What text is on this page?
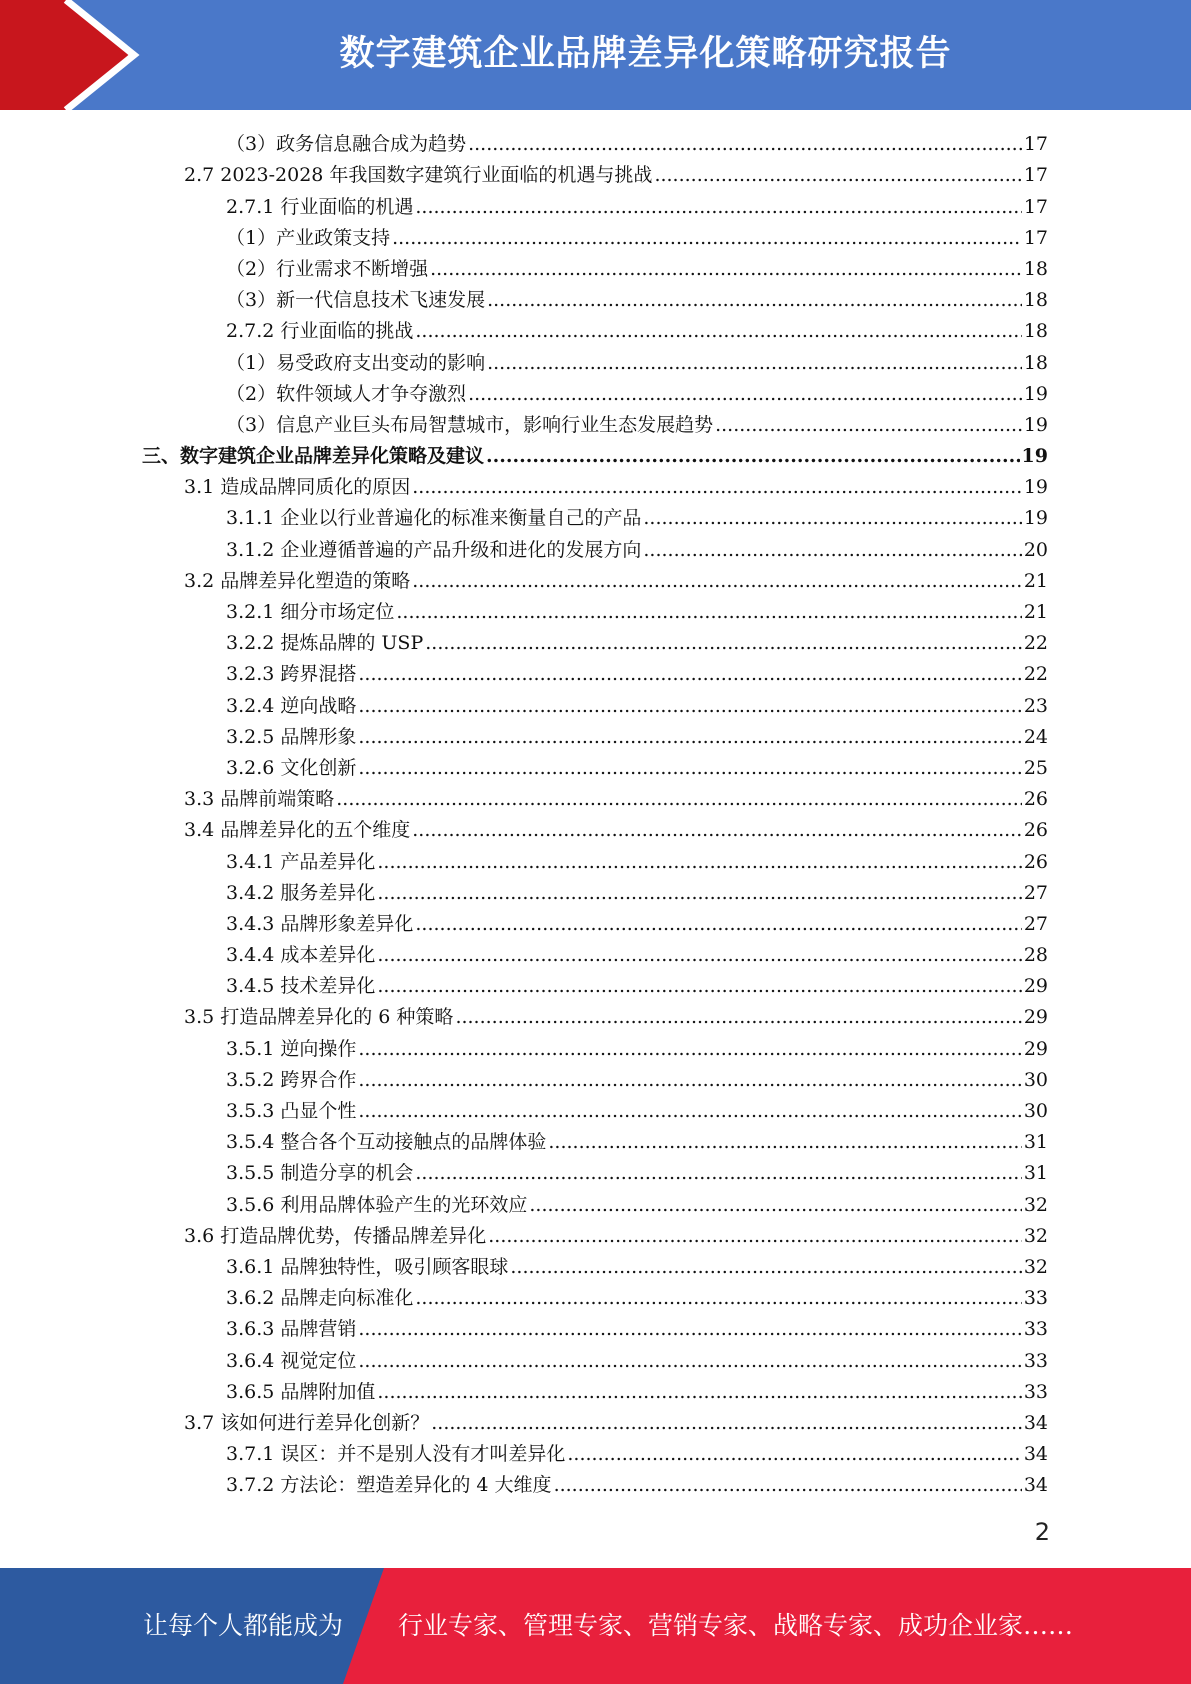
数字建筑企业品牌差异化策略研究报告
（3）政务信息融合成为趋势 .....	17
2.7 2023-2028 年我国数字建筑行业面临的机遇与挑战 .....	17
2.7.1 行业面临的机遇 .....	17
（1）产业政策支持 .....	17
（2）行业需求不断增强 .....	18
（3）新一代信息技术飞速发展 .....	18
2.7.2 行业面临的挑战 .....	18
（1）易受政府支出变动的影响 .....	18
（2）软件领域人才争夺激烈 .....	19
（3）信息产业巨头布局智慧城市，影响行业生态发展趋势 .....	19
三、数字建筑企业品牌差异化策略及建议 .....	19
3.1 造成品牌同质化的原因 .....	19
3.1.1 企业以行业普遍化的标准来衡量自己的产品 .....	19
3.1.2 企业遵循普遍的产品升级和进化的发展方向 .....	20
3.2 品牌差异化塑造的策略 .....	21
3.2.1 细分市场定位 .....	21
3.2.2 提炼品牌的 USP .....	22
3.2.3 跨界混搭 .....	22
3.2.4 逆向战略 .....	23
3.2.5 品牌形象 .....	24
3.2.6 文化创新 .....	25
3.3 品牌前端策略 .....	26
3.4 品牌差异化的五个维度 .....	26
3.4.1 产品差异化 .....	26
3.4.2 服务差异化 .....	27
3.4.3 品牌形象差异化 .....	27
3.4.4 成本差异化 .....	28
3.4.5 技术差异化 .....	29
3.5 打造品牌差异化的 6 种策略 .....	29
3.5.1 逆向操作 .....	29
3.5.2 跨界合作 .....	30
3.5.3 凸显个性 .....	30
3.5.4 整合各个互动接触点的品牌体验 .....	31
3.5.5 制造分享的机会 .....	31
3.5.6 利用品牌体验产生的光环效应 .....	32
3.6 打造品牌优势，传播品牌差异化 .....	32
3.6.1 品牌独特性，吸引顾客眼球 .....	32
3.6.2 品牌走向标准化 .....	33
3.6.3 品牌营销 .....	33
3.6.4 视觉定位 .....	33
3.6.5 品牌附加值 .....	33
3.7 该如何进行差异化创新？ .....	34
3.7.1 误区：并不是别人没有才叫差异化 .....	34
3.7.2 方法论：塑造差异化的 4 大维度 .....	34
2
让每个人都能成为 行业专家、管理专家、营销专家、战略专家、成功企业家……
